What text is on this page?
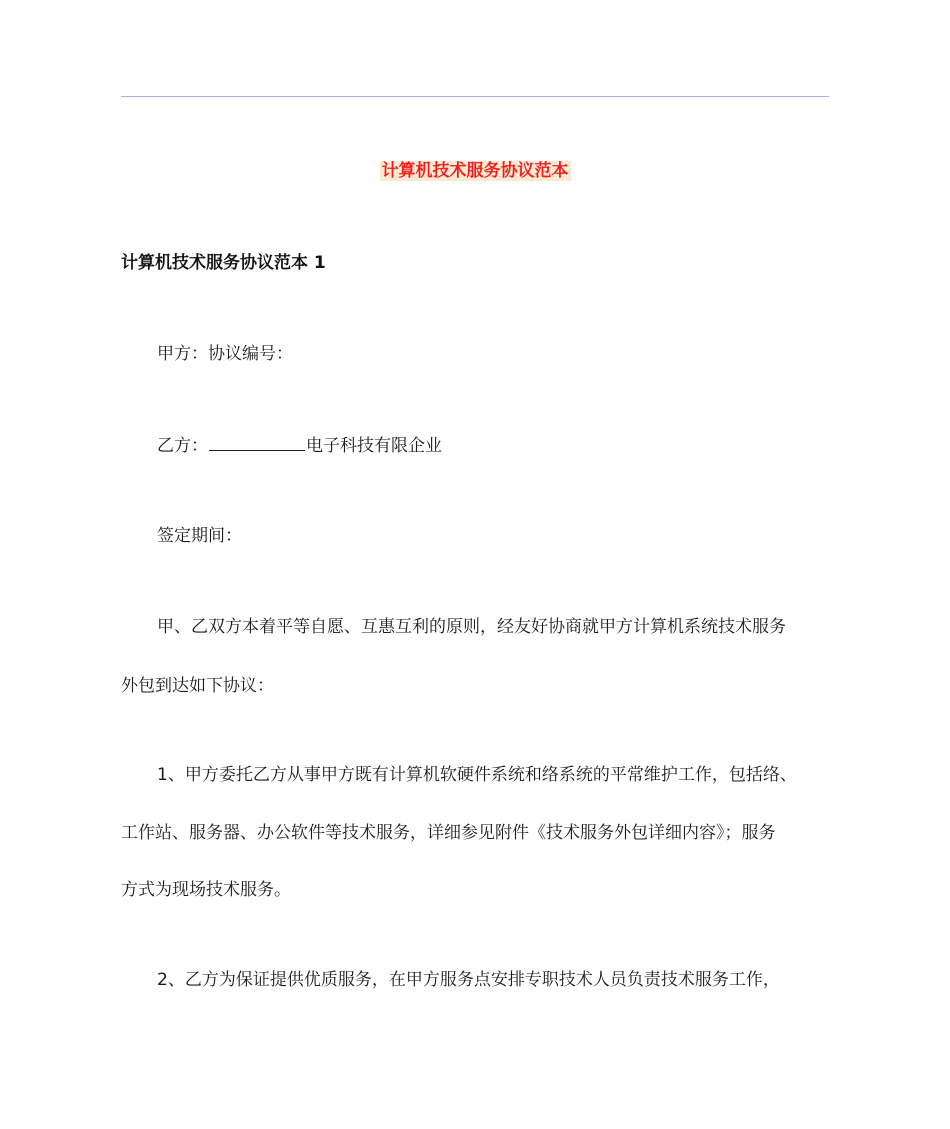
计算机技术服务协议范本
计算机技术服务协议范本 1
甲方：协议编号：
乙方：	电子科技有限企业
签定期间：
甲、乙双方本着平等自愿、互惠互利的原则，经友好协商就甲方计算机系统技术服务
外包到达如下协议：
1、甲方委托乙方从事甲方既有计算机软硬件系统和络系统的平常维护工作，包括络、
工作站、服务器、办公软件等技术服务，详细参见附件《技术服务外包详细内容》；服务
方式为现场技术服务。
2、乙方为保证提供优质服务，在甲方服务点安排专职技术人员负责技术服务工作，
